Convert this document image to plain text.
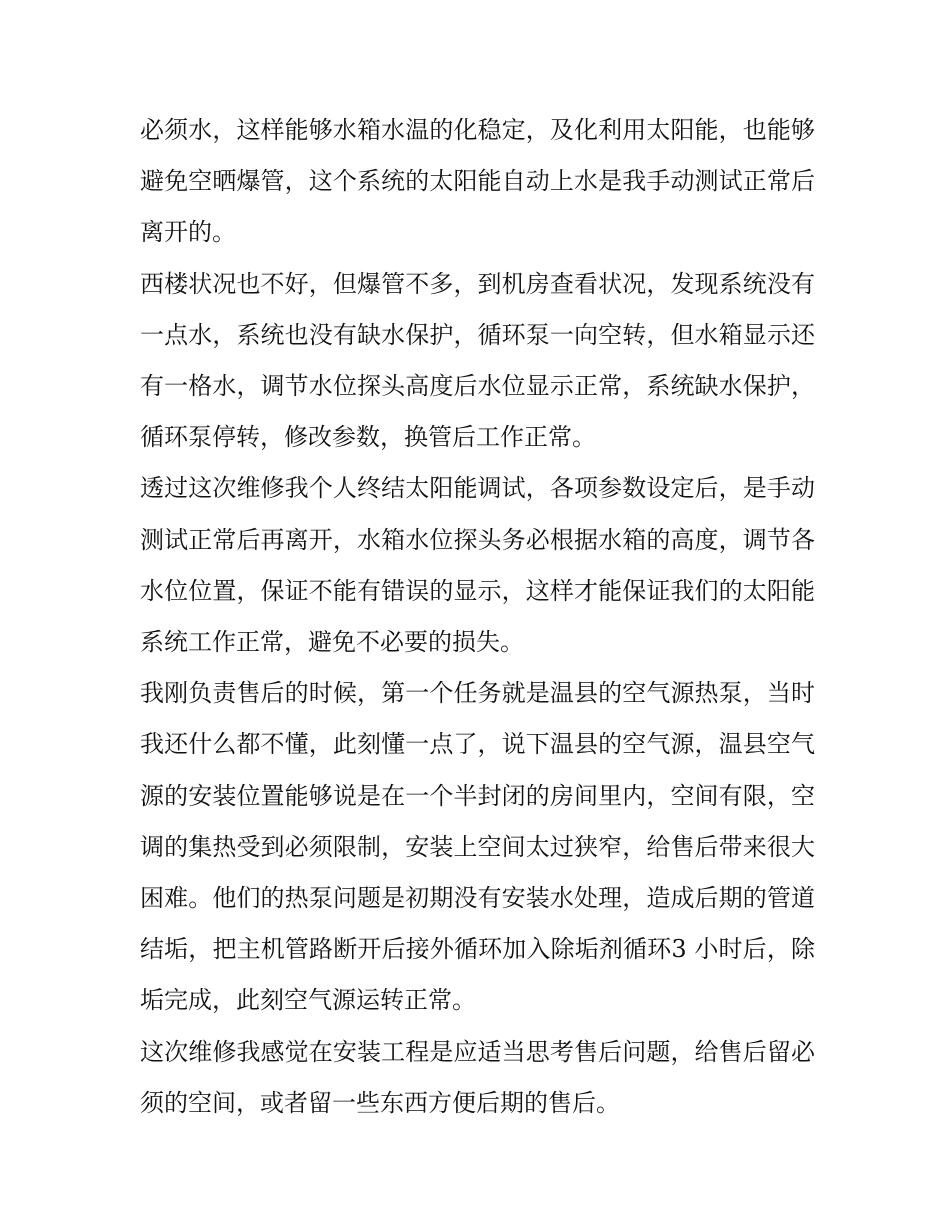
必须水，这样能够水箱水温的化稳定，及化利用太阳能，也能够避免空晒爆管，这个系统的太阳能自动上水是我手动测试正常后离开的。

西楼状况也不好，但爆管不多，到机房查看状况，发现系统没有一点水，系统也没有缺水保护，循环泵一向空转，但水箱显示还有一格水，调节水位探头高度后水位显示正常，系统缺水保护，循环泵停转，修改参数，换管后工作正常。

透过这次维修我个人终结太阳能调试，各项参数设定后，是手动测试正常后再离开，水箱水位探头务必根据水箱的高度，调节各水位位置，保证不能有错误的显示，这样才能保证我们的太阳能系统工作正常，避免不必要的损失。

我刚负责售后的时候，第一个任务就是温县的空气源热泵，当时我还什么都不懂，此刻懂一点了，说下温县的空气源，温县空气源的安装位置能够说是在一个半封闭的房间里内，空间有限，空调的集热受到必须限制，安装上空间太过狭窄，给售后带来很大困难。他们的热泵问题是初期没有安装水处理，造成后期的管道结垢，把主机管路断开后接外循环加入除垢剂循环3 小时后，除垢完成，此刻空气源运转正常。

这次维修我感觉在安装工程是应适当思考售后问题，给售后留必须的空间，或者留一些东西方便后期的售后。
